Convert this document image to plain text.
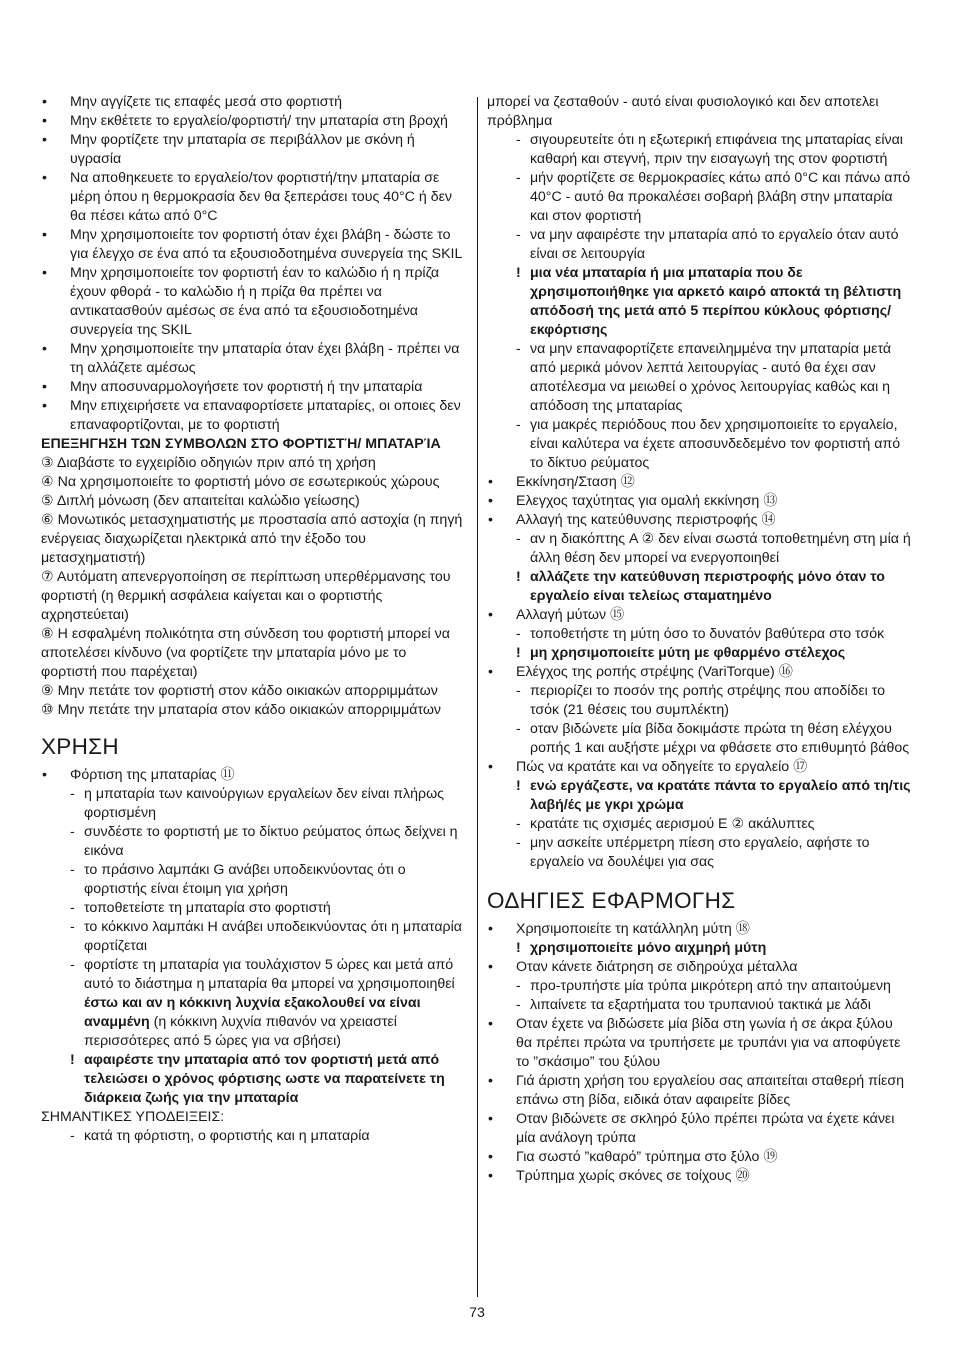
• Μην αγγίζετε τις επαφές μεσά στο φορτιστή
• Μην εκθέτετε το εργαλείο/φορτιστή/ την μπαταρία στη βροχή
• Μην φορτίζετε την μπαταρία σε περιβάλλον με σκόνη ή υγρασία
• Να αποθηκευετε το εργαλείο/τον φορτιστή/την μπαταρία σε μέρη όπου η θερμοκρασία δεν θα ξεπεράσει τους 40°C ή δεν θα πέσει κάτω από 0°C
• Μην χρησιμοποιείτε τον φορτιστή όταν έχει βλάβη - δώστε το για έλεγχο σε ένα από τα εξουσιοδοτημένα συνεργεία της SKIL
• Μην χρησιμοποιείτε τον φορτιστή έαν το καλώδιο ή η πρίζα έχουν φθορά - το καλώδιο ή η πρίζα θα πρέπει να αντικατασθούν αμέσως σε ένα από τα εξουσιοδοτημένα συνεργεία της SKIL
• Μην χρησιμοποιείτε την μπαταρία όταν έχει βλάβη - πρέπει να τη αλλάζετε αμέσως
• Μην αποσυναρμολογήσετε τον φορτιστή ή την μπαταρία
• Μην επιχειρήσετε να επαναφορτίσετε μπαταρίες, οι οποιες δεν επαναφορτίζονται, με το φορτιστή
ΕΠΕΞΗΓΗΣΗ ΤΩΝ ΣΥΜΒΟΛΩΝ ΣΤΟ ΦΟΡΤΙΣΤΉ/ ΜΠΑΤΑΡΊΑ
③ Διαβάστε το εγχειρίδιο οδηγιών πριν από τη χρήση
④ Να χρησιμοποιείτε το φορτιστή μόνο σε εσωτερικούς χώρους
⑤ Διπλή μόνωση (δεν απαιτείται καλώδιο γείωσης)
⑥ Μονωτικός μετασχηματιστής με προστασία από αστοχία (η πηγή ενέργειας διαχωρίζεται ηλεκτρικά από την έξοδο του μετασχηματιστή)
⑦ Αυτόματη απενεργοποίηση σε περίπτωση υπερθέρμανσης του φορτιστή (η θερμική ασφάλεια καίγεται και ο φορτιστής αχρηστεύεται)
⑧ Η εσφαλμένη πολικότητα στη σύνδεση του φορτιστή μπορεί να αποτελέσει κίνδυνο (να φορτίζετε την μπαταρία μόνο με το φορτιστή που παρέχεται)
⑨ Μην πετάτε τον φορτιστή στον κάδο οικιακών απορριμμάτων
⑩ Μην πετάτε την μπαταρία στον κάδο οικιακών απορριμμάτων
ΧΡΗΣΗ
• Φόρτιση της μπαταρίας ⑪
- η μπαταρία των καινούργιων εργαλείων δεν είναι πλήρως φορτισμένη
- συνδέστε το φορτιστή με το δίκτυο ρεύματος όπως δείχνει η εικόνα
- το πράσινο λαμπάκι G ανάβει υποδεικνύοντας ότι ο φορτιστής είναι έτοιμη για χρήση
- τοποθετείστε τη μπαταρία στο φορτιστή
- το κόκκινο λαμπάκι H ανάβει υποδεικνύοντας ότι η μπαταρία φορτίζεται
- φορτίστε τη μπαταρία για τουλάχιστον 5 ώρες και μετά από αυτό το διάστημα η μπαταρία θα μπορεί να χρησιμοποιηθεί έστω και αν η κόκκινη λυχνία εξακολουθεί να είναι αναμμένη (η κόκκινη λυχνία πιθανόν να χρειαστεί περισσότερες από 5 ώρες για να σβήσει)
! αφαιρέστε την μπαταρία από τον φορτιστή μετά από τελειώσει ο χρόνος φόρτισης ωστε να παρατείνετε τη διάρκεια ζωής για την μπαταρία
ΣΗΜΑΝΤΙΚΕΣ ΥΠΟΔΕΙΞΕΙΣ:
- κατά τη φόρτιστη, ο φορτιστής και η μπαταρία
μπορεί να ζεσταθούν - αυτό είναι φυσιολογικό και δεν αποτελει πρόβλημα
- σιγουρευτείτε ότι η εξωτερική επιφάνεια της μπαταρίας είναι καθαρή και στεγνή, πριν την εισαγωγή της στον φορτιστή
- μήν φορτίζετε σε θερμοκρασίες κάτω από 0°C και πάνω από 40°C - αυτό θα προκαλέσει σοβαρή βλάβη στην μπαταρία και στον φορτιστή
- να μην αφαιρέστε την μπαταρία από το εργαλείο όταν αυτό είναι σε λειτουργία
! μια νέα μπαταρία ή μια μπαταρία που δε χρησιμοποιήθηκε για αρκετό καιρό αποκτά τη βέλτιστη απόδοσή της μετά από 5 περίπου κύκλους φόρτισης/εκφόρτισης
- να μην επαναφορτίζετε επανειλημμένα την μπαταρία μετά από μερικά μόνον λεπτά λειτουργίας - αυτό θα έχει σαν αποτέλεσμα να μειωθεί ο χρόνος λειτουργίας καθώς και η απόδοση της μπαταρίας
- για μακρές περιόδους που δεν χρησιμοποιείτε το εργαλείο, είναι καλύτερα να έχετε αποσυνδεδεμένο τον φορτιστή από το δίκτυο ρεύματος
• Εκκίνηση/Σταση ⑫
• Ελεγχος ταχύτητας για ομαλή εκκίνηση ⑬
• Αλλαγή της κατεύθυνσης περιστροφής ⑭
- αν η διακόπτης A ② δεν είναι σωστά τοποθετημένη στη μία ή άλλη θέση δεν μπορεί να ενεργοποιηθεί
! αλλάζετε την κατεύθυνση περιστροφής μόνο όταν το εργαλείο είναι τελείως σταματημένο
• Αλλαγή μύτων ⑮
- τοποθετήστε τη μύτη όσο το δυνατόν βαθύτερα στο τσόκ
! μη χρησιμοποιείτε μύτη με φθαρμένο στέλεχος
• Ελέγχος της ροπής στρέψης (VariTorque) ⑯
- περιορίζει το ποσόν της ροπής στρέψης που αποδίδει το τσόκ (21 θέσεις του συμπλέκτη)
- οταν βιδώνετε μία βίδα δοκιμάστε πρώτα τη θέση ελέγχου ροπής 1 και αυξήστε μέχρι να φθάσετε στο επιθυμητό βάθος
• Πώς να κρατάτε και να οδηγείτε το εργαλείο ⑰
! ενώ εργάζεστε, να κρατάτε πάντα το εργαλείο από τη/τις λαβή/ές με γκρι χρώμα
- κρατάτε τις σχισμές αερισμού E ② ακάλυπτες
- μην ασκείτε υπέρμετρη πίεση στο εργαλείο, αφήστε το εργαλείο να δουλέψει για σας
ΟΔΗΓΙΕΣ ΕΦΑΡΜΟΓΗΣ
• Χρησιμοποιείτε τη κατάλληλη μύτη ⑱
! χρησιμοποιείτε μόνο αιχμηρή μύτη
• Οταν κάνετε διάτρηση σε σιδηρούχα μέταλλα
- προ-τρυπήστε μία τρύπα μικρότερη από την απαιτούμενη
- λιπαίνετε τα εξαρτήματα του τρυπανιού τακτικά με λάδι
• Οταν έχετε να βιδώσετε μία βίδα στη γωνία ή σε άκρα ξύλου θα πρέπει πρώτα να τρυπήσετε με τρυπάνι για να αποφύγετε το ”σκάσιμο” του ξύλου
• Γιά άριστη χρήση του εργαλείου σας απαιτείται σταθερή πίεση επάνω στη βίδα, ειδικά όταν αφαιρείτε βίδες
• Οταν βιδώνετε σε σκληρό ξύλο πρέπει πρώτα να έχετε κάνει μία ανάλογη τρύπα
• Για σωστό ”καθαρό” τρύπημα στο ξύλο ⑲
• Τρύπημα χωρίς σκόνες σε τοίχους ⑳
73
